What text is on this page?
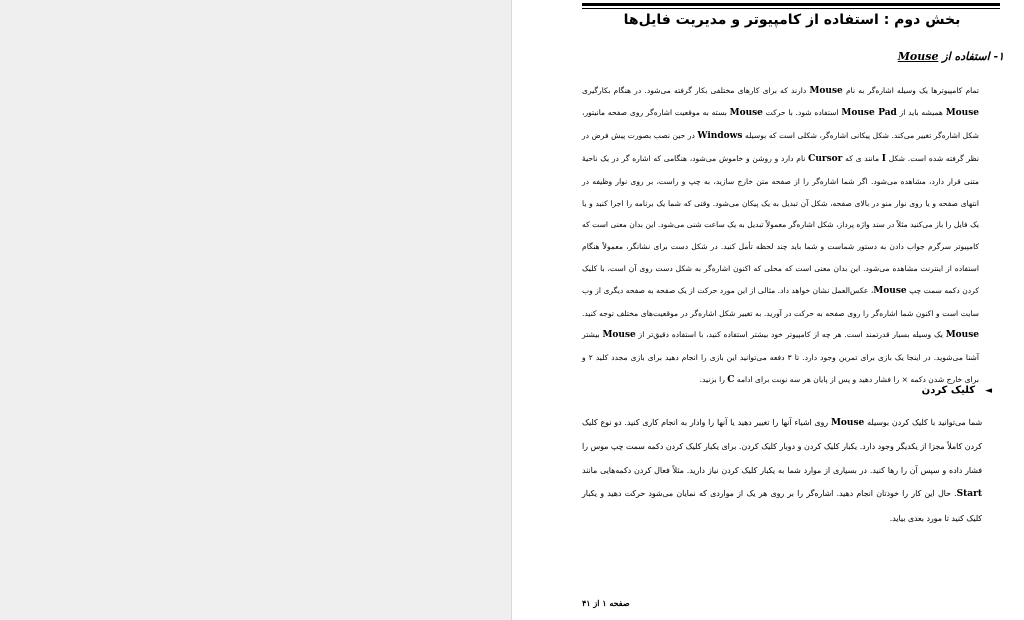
بخش دوم : استفاده از کامپیوتر و مدیریت فایل‌ها
۱- استفاده از Mouse

تمام کامپیوترها یک وسیله اشاره‌گر به نام Mouse دارند که برای کارهای مختلفی بکار گرفته می‌شود. در هنگام بکارگیری Mouse همیشه باید از Mouse Pad استفاده شود. با حرکت Mouse بسته به موقعیت اشاره‌گر روی صفحه مانیتور، شکل اشاره‌گر تغییر می‌کند. شکل پیکانی اشاره‌گر، شکلی است که بوسیله Windows در حین نصب بصورت پیش فرض در نظر گرفته شده است. شکل I مانند ی که Cursor نام دارد و روشن و خاموش می‌شود، هنگامی که اشاره گر در یک ناحیهٔ متنی قرار دارد، مشاهده می‌شود. اگر شما اشاره‌گر را از صفحه متن خارج سازید، به چپ و راست، بر روی نوار وظیفه در انتهای صفحه و یا روی نوار منو در بالای صفحه، شکل آن تبدیل به یک پیکان می‌شود. وقتی که شما یک برنامه را اجرا کنید و یا یک فایل را باز می‌کنید مثلاً در سند واژه پرداز، شکل اشاره‌گر معمولاً تبدیل به یک ساعت شنی می‌شود. این بدان معنی است که کامپیوتر سرگرم جواب دادن به دستور شماست و شما باید چند لحظه تأمل کنید. در شکل دست برای نشانگر، معمولاً هنگام استفاده از اینترنت مشاهده می‌شود. این بدان معنی است که محلی که اکنون اشاره‌گر به شکل دست روی آن است، با کلیک کردن دکمه سمت چپ Mouse، عکس‌العمل نشان خواهد داد. مثالی از این مورد حرکت از یک صفحه به صفحه دیگری از وب سایت است و اکنون شما اشاره‌گر را روی صفحه به حرکت در آورید. به تغییر شکل اشاره‌گر در موقعیت‌های مختلف توجه کنید. Mouse یک وسیله بسیار قدرتمند است. هر چه از کامپیوتر خود بیشتر استفاده کنید، با استفاده دقیق‌تر از Mouse بیشتر آشنا می‌شوید. در اینجا یک بازی برای تمرین وجود دارد. تا ۳ دفعه می‌توانید این بازی را انجام دهید برای بازی مجدد کلید ۲ و برای خارج شدن دکمه × را فشار دهید و پس از پایان هر سه نوبت برای ادامه C را بزنید.

◄کلیک کردن

شما می‌توانید با کلیک کردن بوسیله Mouse روی اشیاء آنها را تغییر دهید یا آنها را وادار به انجام کاری کنید. دو نوع کلیک کردن کاملاً مجزا از یکدیگر وجود دارد. یکبار کلیک کردن و دوبار کلیک کردن. برای یکبار کلیک کردن دکمه سمت چپ موس را فشار داده و سپس آن را رها کنید. در بسیاری از موارد شما به یکبار کلیک کردن نیاز دارید. مثلاً فعال کردن دکمه‌هایی مانند Start. حال این کار را خودتان انجام دهید. اشاره‌گر را بر روی هر یک از مواردی که نمایان می‌شود حرکت دهید و یکبار کلیک کنید تا مورد بعدی بیاید.

صفحه ۱ از ۴۱
